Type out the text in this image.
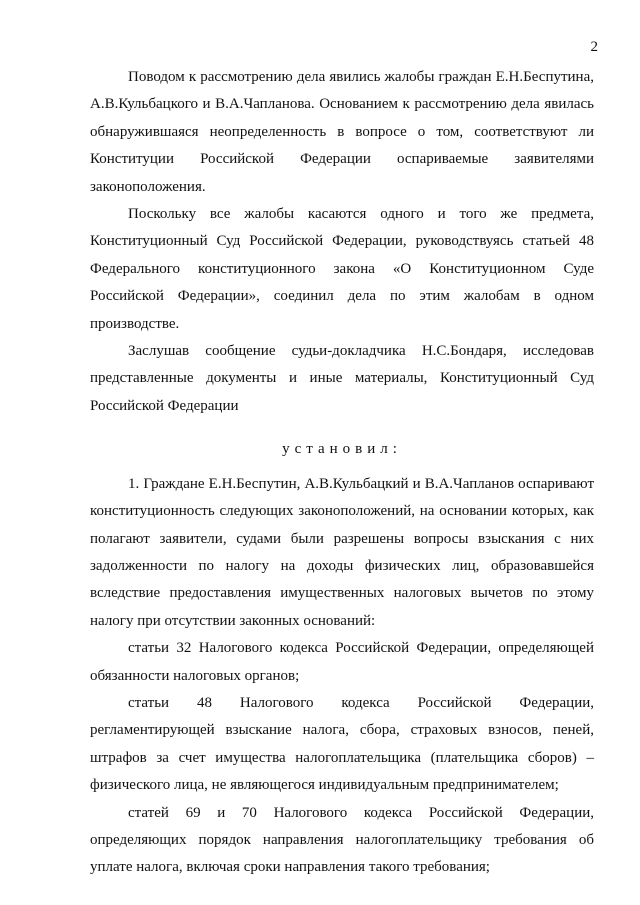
2

Поводом к рассмотрению дела явились жалобы граждан Е.Н.Беспутина, А.В.Кульбацкого и В.А.Чапланова. Основанием к рассмотрению дела явилась обнаружившаяся неопределенность в вопросе о том, соответствуют ли Конституции Российской Федерации оспариваемые заявителями законоположения.

Поскольку все жалобы касаются одного и того же предмета, Конституционный Суд Российской Федерации, руководствуясь статьей 48 Федерального конституционного закона «О Конституционном Суде Российской Федерации», соединил дела по этим жалобам в одном производстве.

Заслушав сообщение судьи-докладчика Н.С.Бондаря, исследовав представленные документы и иные материалы, Конституционный Суд Российской Федерации

установил:

1. Граждане Е.Н.Беспутин, А.В.Кульбацкий и В.А.Чапланов оспаривают конституционность следующих законоположений, на основании которых, как полагают заявители, судами были разрешены вопросы взыскания с них задолженности по налогу на доходы физических лиц, образовавшейся вследствие предоставления имущественных налоговых вычетов по этому налогу при отсутствии законных оснований:

статьи 32 Налогового кодекса Российской Федерации, определяющей обязанности налоговых органов;

статьи 48 Налогового кодекса Российской Федерации, регламентирующей взыскание налога, сбора, страховых взносов, пеней, штрафов за счет имущества налогоплательщика (плательщика сборов) – физического лица, не являющегося индивидуальным предпринимателем;

статей 69 и 70 Налогового кодекса Российской Федерации, определяющих порядок направления налогоплательщику требования об уплате налога, включая сроки направления такого требования;
